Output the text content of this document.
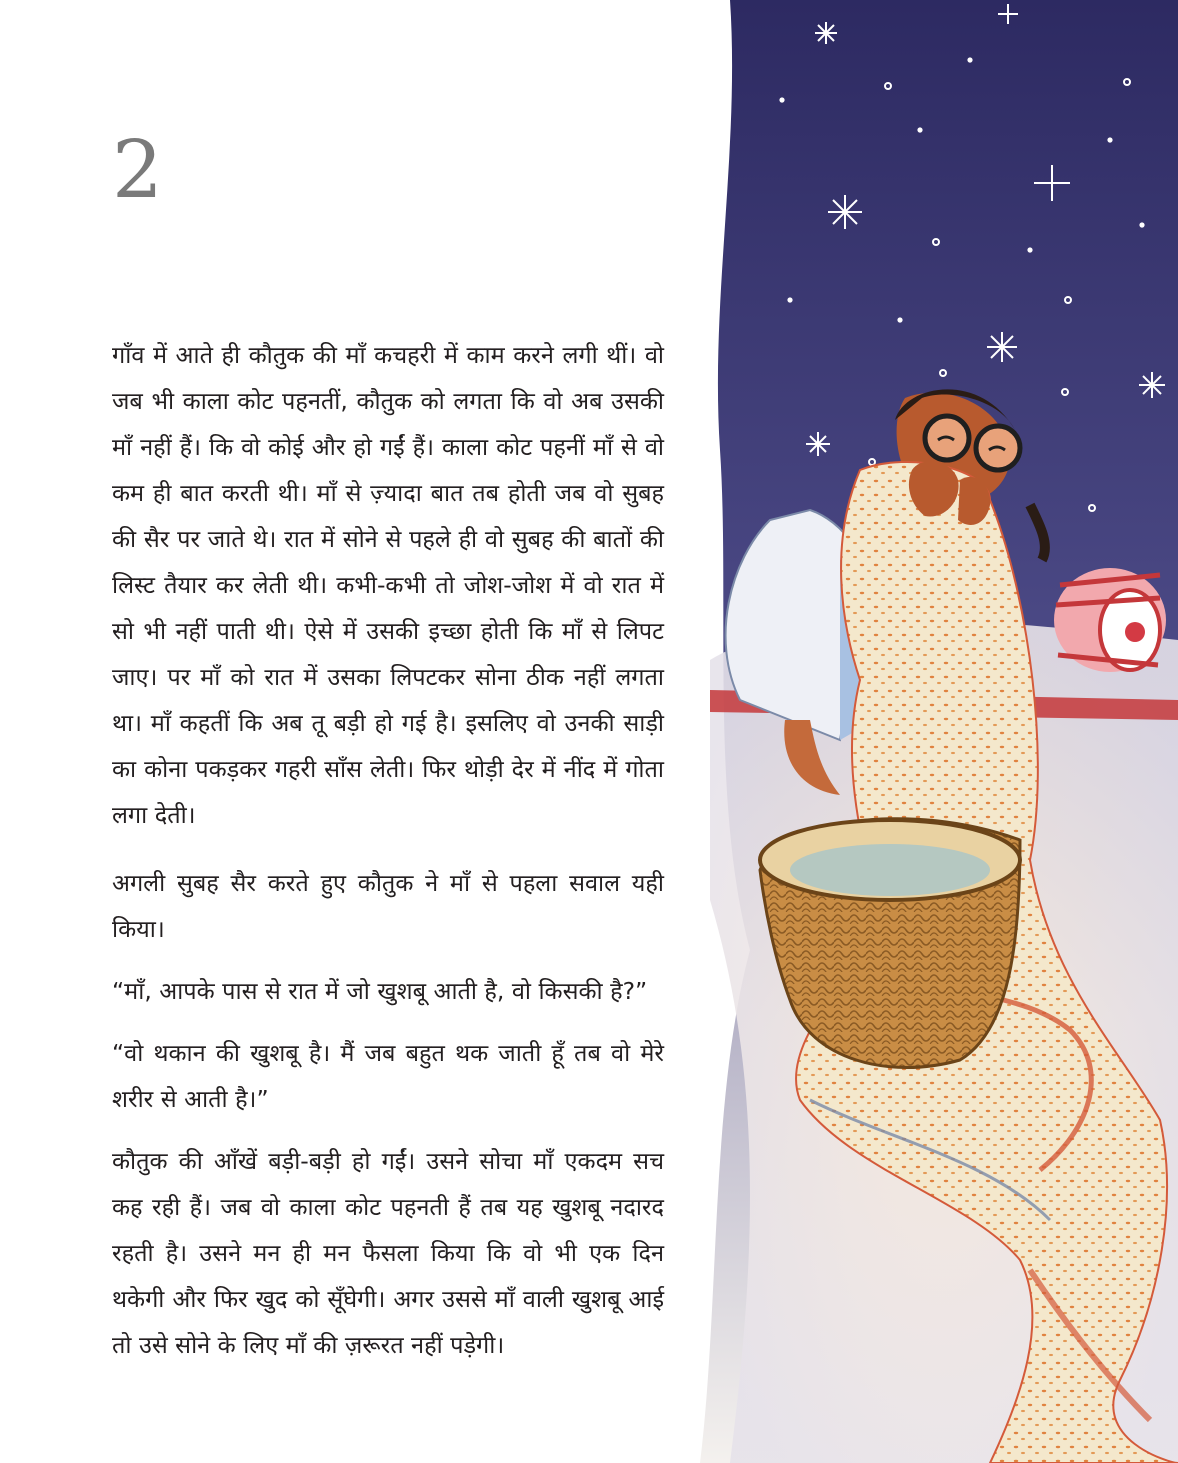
2

गाँव में आते ही कौतुक की माँ कचहरी में काम करने लगी थीं। वो जब भी काला कोट पहनतीं, कौतुक को लगता कि वो अब उसकी माँ नहीं हैं। कि वो कोई और हो गईं हैं। काला कोट पहनीं माँ से वो कम ही बात करती थी। माँ से ज़्यादा बात तब होती जब वो सुबह की सैर पर जाते थे। रात में सोने से पहले ही वो सुबह की बातों की लिस्ट तैयार कर लेती थी। कभी-कभी तो जोश-जोश में वो रात में सो भी नहीं पाती थी। ऐसे में उसकी इच्छा होती कि माँ से लिपट जाए। पर माँ को रात में उसका लिपटकर सोना ठीक नहीं लगता था। माँ कहतीं कि अब तू बड़ी हो गई है। इसलिए वो उनकी साड़ी का कोना पकड़कर गहरी साँस लेती। फिर थोड़ी देर में नींद में गोता लगा देती।

अगली सुबह सैर करते हुए कौतुक ने माँ से पहला सवाल यही किया।

“माँ, आपके पास से रात में जो खुशबू आती है, वो किसकी है?”

“वो थकान की खुशबू है। मैं जब बहुत थक जाती हूँ तब वो मेरे शरीर से आती है।”

कौतुक की आँखें बड़ी-बड़ी हो गईं। उसने सोचा माँ एकदम सच कह रही हैं। जब वो काला कोट पहनती हैं तब यह खुशबू नदारद रहती है। उसने मन ही मन फैसला किया कि वो भी एक दिन थकेगी और फिर खुद को सूँघेगी। अगर उससे माँ वाली खुशबू आई तो उसे सोने के लिए माँ की ज़रूरत नहीं पड़ेगी।
